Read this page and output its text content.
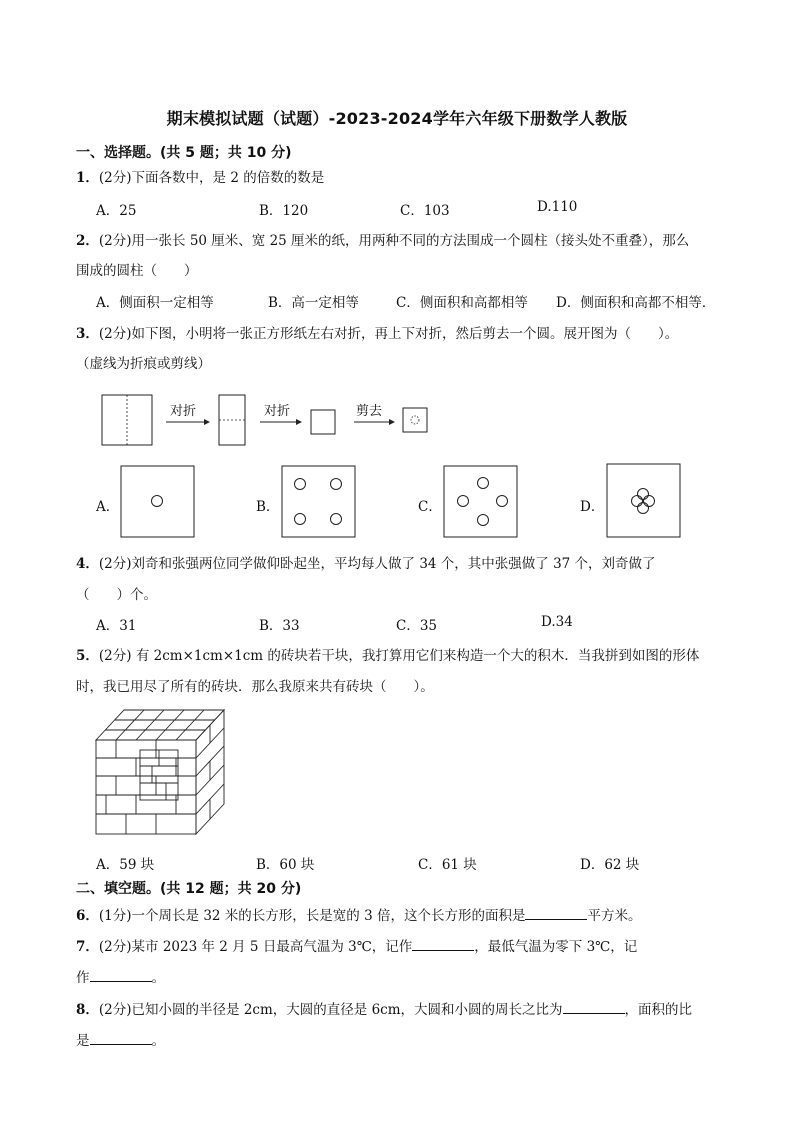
期末模拟试题（试题）-2023-2024学年六年级下册数学人教版
一、选择题。(共 5 题；共 10 分)
1．(2分)下面各数中，是 2 的倍数的数是
A．25	B．120	C．103	D.110
2．(2分)用一张长 50 厘米、宽 25 厘米的纸，用两种不同的方法围成一个圆柱（接头处不重叠），那么
围成的圆柱（　　）
A．侧面积一定相等	B．高一定相等	C．侧面积和高都相等 D．侧面积和高都不相等．
3．(2分)如下图，小明将一张正方形纸左右对折，再上下对折，然后剪去一个圆。展开图为（　　）。
（虚线为折痕或剪线）
对折	对折	剪去
A．	B．	C．	D．
4．(2分)刘奇和张强两位同学做仰卧起坐，平均每人做了 34 个，其中张强做了 37 个，刘奇做了
（　　）个。
A．31	B．33	C．35	D.34
5．(2分) 有 2cm×1cm×1cm 的砖块若干块，我打算用它们来构造一个大的积木．当我拼到如图的形体
时，我已用尽了所有的砖块．那么我原来共有砖块（　　）。
A．59 块	B．60 块	C．61 块	D．62 块
二、填空题。(共 12 题；共 20 分)
6．(1分)一个周长是 32 米的长方形，长是宽的 3 倍，这个长方形的面积是	平方米。
7．(2分)某市 2023 年 2 月 5 日最高气温为 3℃，记作	，最低气温为零下 3℃，记
作	。
8．(2分)已知小圆的半径是 2cm，大圆的直径是 6cm，大圆和小圆的周长之比为	，面积的比
是	。
